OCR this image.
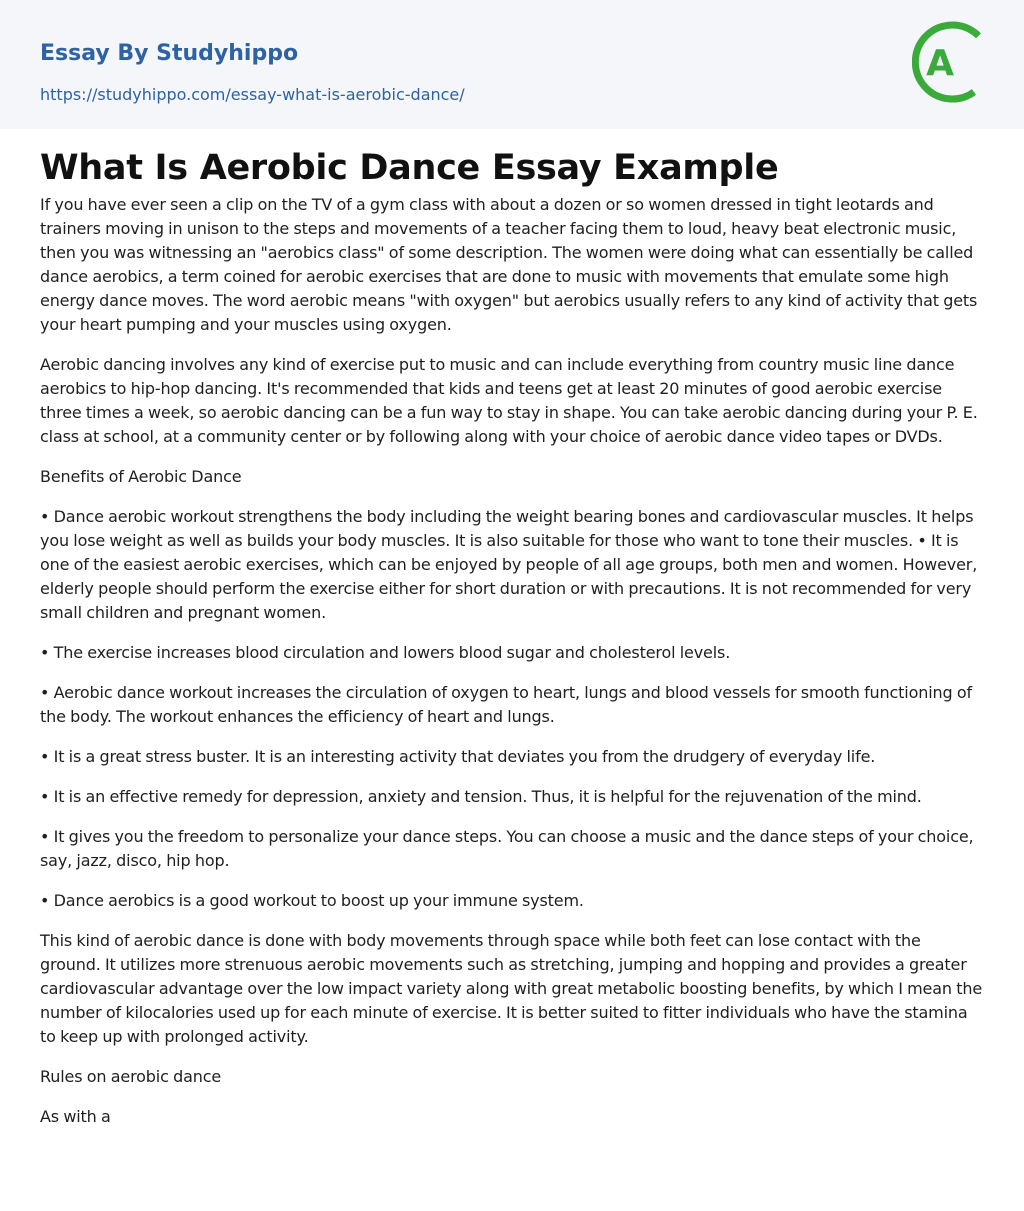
Essay By Studyhippo
https://studyhippo.com/essay-what-is-aerobic-dance/
A
What Is Aerobic Dance Essay Example

If you have ever seen a clip on the TV of a gym class with about a dozen or so women dressed in tight leotards and trainers moving in unison to the steps and movements of a teacher facing them to loud, heavy beat electronic music, then you was witnessing an "aerobics class" of some description. The women were doing what can essentially be called dance aerobics, a term coined for aerobic exercises that are done to music with movements that emulate some high energy dance moves. The word aerobic means "with oxygen" but aerobics usually refers to any kind of activity that gets your heart pumping and your muscles using oxygen.

Aerobic dancing involves any kind of exercise put to music and can include everything from country music line dance aerobics to hip-hop dancing. It's recommended that kids and teens get at least 20 minutes of good aerobic exercise three times a week, so aerobic dancing can be a fun way to stay in shape. You can take aerobic dancing during your P. E. class at school, at a community center or by following along with your choice of aerobic dance video tapes or DVDs.

Benefits of Aerobic Dance

• Dance aerobic workout strengthens the body including the weight bearing bones and cardiovascular muscles. It helps you lose weight as well as builds your body muscles. It is also suitable for those who want to tone their muscles. • It is one of the easiest aerobic exercises, which can be enjoyed by people of all age groups, both men and women. However, elderly people should perform the exercise either for short duration or with precautions. It is not recommended for very small children and pregnant women.

• The exercise increases blood circulation and lowers blood sugar and cholesterol levels.

• Aerobic dance workout increases the circulation of oxygen to heart, lungs and blood vessels for smooth functioning of the body. The workout enhances the efficiency of heart and lungs.

• It is a great stress buster. It is an interesting activity that deviates you from the drudgery of everyday life.

• It is an effective remedy for depression, anxiety and tension. Thus, it is helpful for the rejuvenation of the mind.

• It gives you the freedom to personalize your dance steps. You can choose a music and the dance steps of your choice, say, jazz, disco, hip hop.

• Dance aerobics is a good workout to boost up your immune system.

This kind of aerobic dance is done with body movements through space while both feet can lose contact with the ground. It utilizes more strenuous aerobic movements such as stretching, jumping and hopping and provides a greater cardiovascular advantage over the low impact variety along with great metabolic boosting benefits, by which I mean the number of kilocalories used up for each minute of exercise. It is better suited to fitter individuals who have the stamina to keep up with prolonged activity.

Rules on aerobic dance

As with a
